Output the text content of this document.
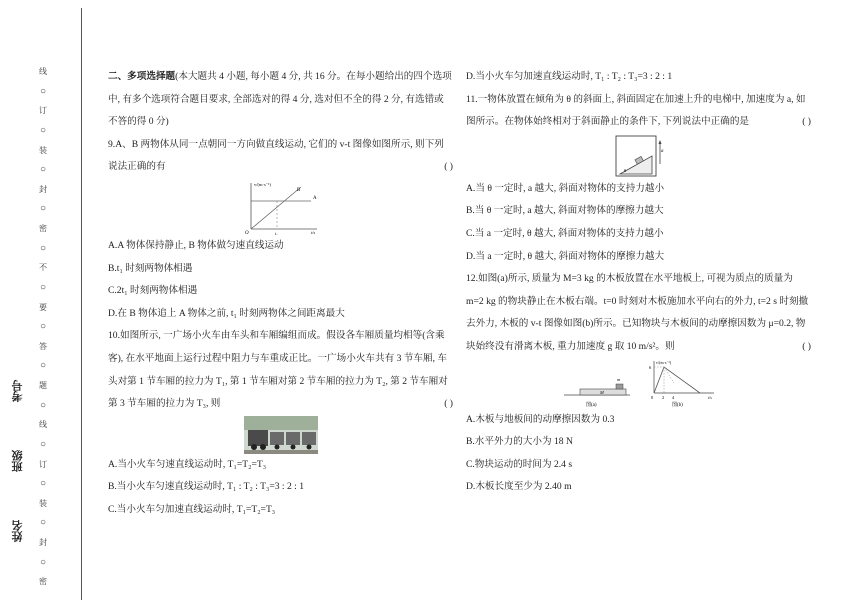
线
○
订
○
装
○
封
○
密
○
不
○
要
○
答
○
题
○
线
○
订
○
装
○
封
○
密
考号
班级
姓名

二、多项选择题(本大题共 4 小题, 每小题 4 分, 共 16 分。在每小题给出的四个选项中, 有多个选项符合题目要求, 全部选对的得 4 分, 选对但不全的得 2 分, 有选错或不答的得 0 分)

9.A、B 两物体从同一点朝同一方向做直线运动, 它们的 v-t 图像如图所示, 则下列说法正确的有	( )

v/(m·s⁻¹)
t/s
O	t₁
A
B

A.A 物体保持静止, B 物体做匀速直线运动

B.t₁ 时刻两物体相遇

C.2t₁ 时刻两物体相遇

D.在 B 物体追上 A 物体之前, t₁ 时刻两物体之间距离最大

10.如图所示, 一广场小火车由车头和车厢编组而成。假设各车厢质量均相等(含乘客), 在水平地面上运行过程中阻力与车重成正比。一广场小火车共有 3 节车厢, 车头对第 1 节车厢的拉力为 T₁, 第 1 节车厢对第 2 节车厢的拉力为 T₂, 第 2 节车厢对第 3 节车厢的拉力为 T₃, 则	( )

A.当小火车匀速直线运动时, T₁=T₂=T₃

B.当小火车匀速直线运动时, T₁ : T₂ : T₃=3 : 2 : 1

C.当小火车匀加速直线运动时, T₁=T₂=T₃

D.当小火车匀加速直线运动时, T₁ : T₂ : T₃=3 : 2 : 1

11.一物体放置在倾角为 θ 的斜面上, 斜面固定在加速上升的电梯中, 加速度为 a, 如图所示。在物体始终相对于斜面静止的条件下, 下列说法中正确的是	( )

a
θ

A.当 θ 一定时, a 越大, 斜面对物体的支持力越小

B.当 θ 一定时, a 越大, 斜面对物体的摩擦力越大

C.当 a 一定时, θ 越大, 斜面对物体的支持力越小

D.当 a 一定时, θ 越大, 斜面对物体的摩擦力越大

12.如图(a)所示, 质量为 M=3 kg 的木板放置在水平地板上, 可视为质点的质量为 m=2 kg 的物块静止在木板右端。t=0 时刻对木板施加水平向右的外力, t=2 s 时刻撤去外力, 木板的 v-t 图像如图(b)所示。已知物块与木板间的动摩擦因数为 μ=0.2, 物块始终没有滑离木板, 重力加速度 g 取 10 m/s²。则	( )

M
m
图(a)
v/(m·s⁻¹)
6
0 2 4	t/s
图(b)

A.木板与地板间的动摩擦因数为 0.3

B.水平外力的大小为 18 N

C.物块运动的时间为 2.4 s

D.木板长度至少为 2.40 m
